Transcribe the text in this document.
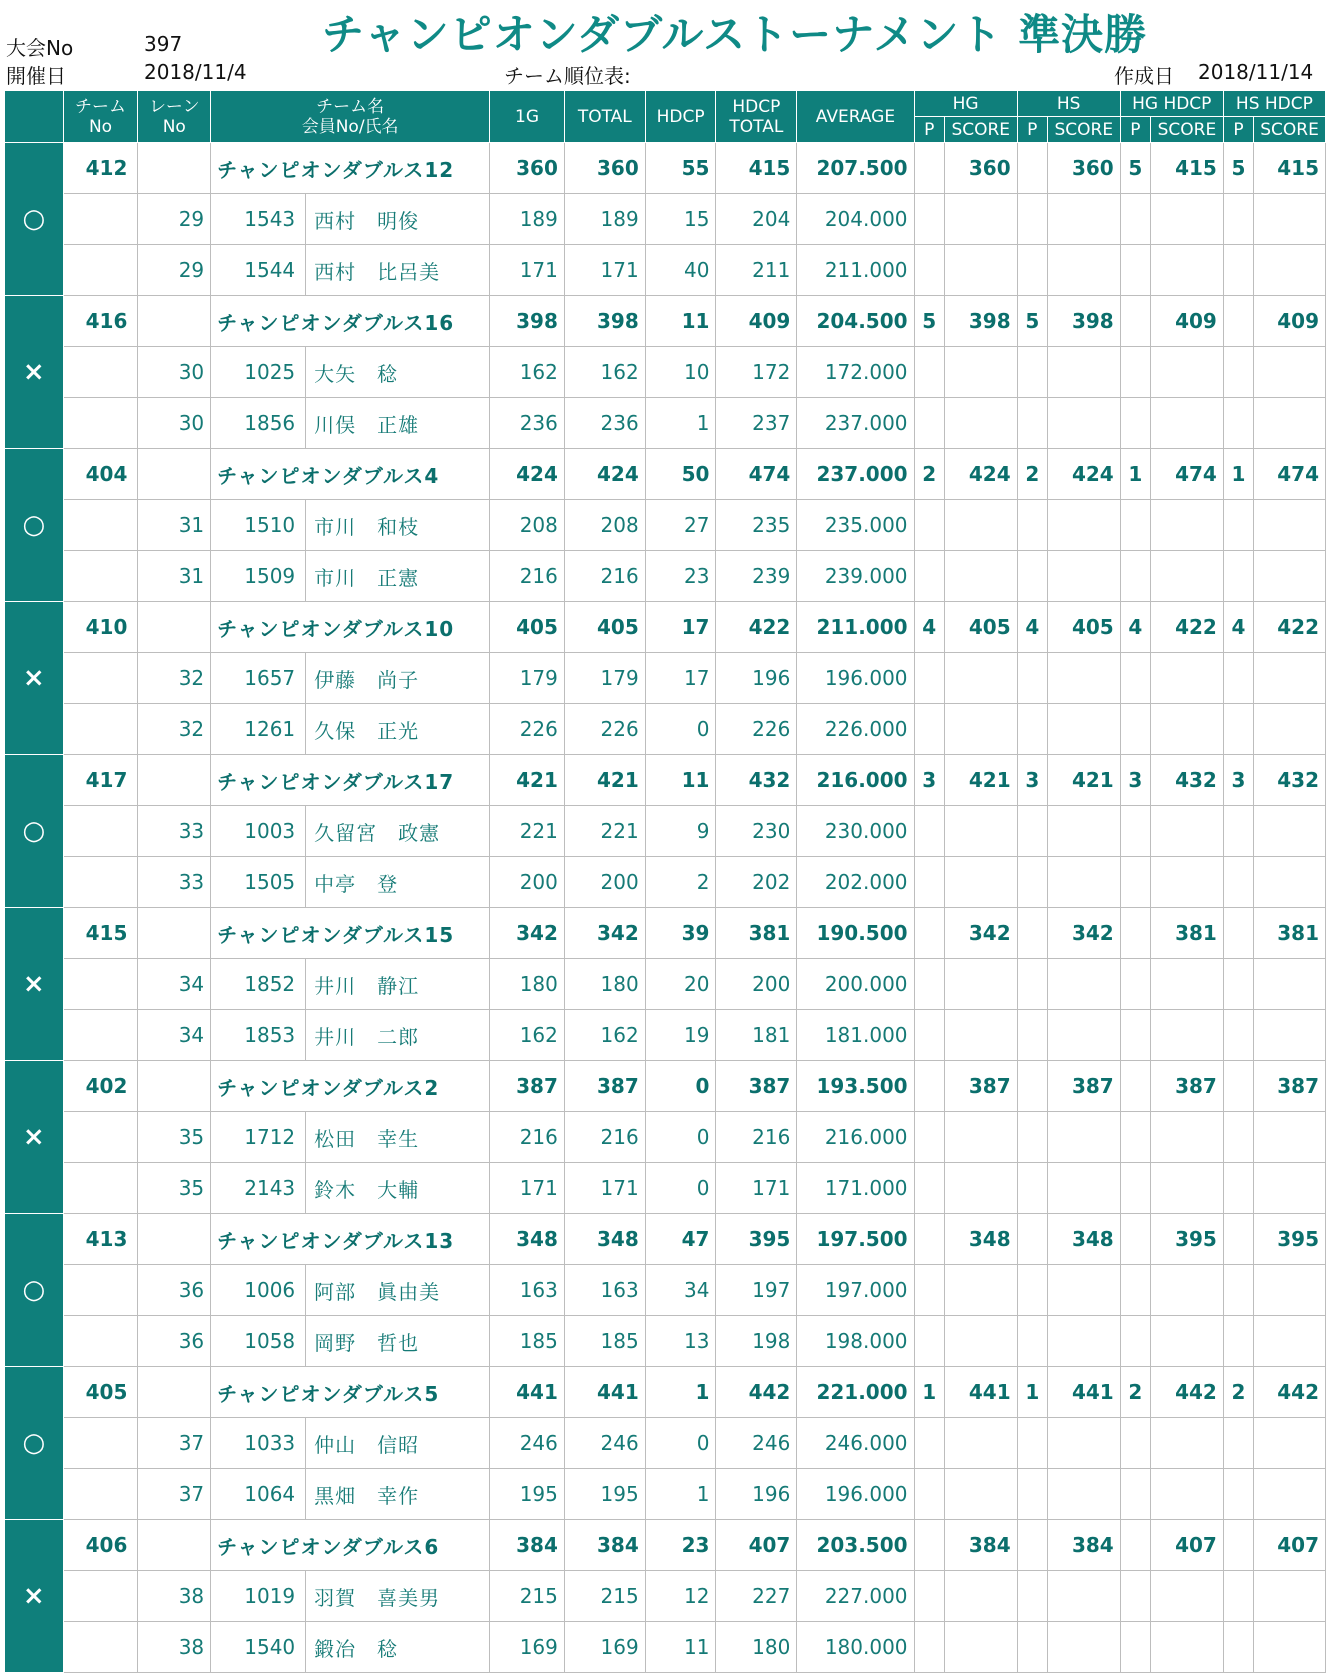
大会No	397
開催日	2018/11/4
チャンピオンダブルストーナメント 準決勝
チーム順位表:	作成日 2018/11/14
	チーム
No	レーン
No	チーム名
会員No/氏名		1G	TOTAL	HDCP	HDCP
TOTAL	AVERAGE	HG		HS		HG HDCP		HS HDCP	
										P	SCORE	P	SCORE	P	SCORE	P	SCORE
○	412		チャンピオンダブルス12		360	360	55	415	207.500		360		360	5	415	5	415
		29	1543	西村　明俊	189	189	15	204	204.000								
		29	1544	西村　比呂美	171	171	40	211	211.000								
×	416		チャンピオンダブルス16		398	398	11	409	204.500	5	398	5	398		409		409
		30	1025	大矢　稔	162	162	10	172	172.000								
		30	1856	川俣　正雄	236	236	1	237	237.000								
○	404		チャンピオンダブルス4		424	424	50	474	237.000	2	424	2	424	1	474	1	474
		31	1510	市川　和枝	208	208	27	235	235.000								
		31	1509	市川　正憲	216	216	23	239	239.000								
×	410		チャンピオンダブルス10		405	405	17	422	211.000	4	405	4	405	4	422	4	422
		32	1657	伊藤　尚子	179	179	17	196	196.000								
		32	1261	久保　正光	226	226	0	226	226.000								
○	417		チャンピオンダブルス17		421	421	11	432	216.000	3	421	3	421	3	432	3	432
		33	1003	久留宮　政憲	221	221	9	230	230.000								
		33	1505	中亭　登	200	200	2	202	202.000								
×	415		チャンピオンダブルス15		342	342	39	381	190.500		342		342		381		381
		34	1852	井川　静江	180	180	20	200	200.000								
		34	1853	井川　二郎	162	162	19	181	181.000								
×	402		チャンピオンダブルス2		387	387	0	387	193.500		387		387		387		387
		35	1712	松田　幸生	216	216	0	216	216.000								
		35	2143	鈴木　大輔	171	171	0	171	171.000								
○	413		チャンピオンダブルス13		348	348	47	395	197.500		348		348		395		395
		36	1006	阿部　眞由美	163	163	34	197	197.000								
		36	1058	岡野　哲也	185	185	13	198	198.000								
○	405		チャンピオンダブルス5		441	441	1	442	221.000	1	441	1	441	2	442	2	442
		37	1033	仲山　信昭	246	246	0	246	246.000								
		37	1064	黒畑　幸作	195	195	1	196	196.000								
×	406		チャンピオンダブルス6		384	384	23	407	203.500		384		384		407		407
		38	1019	羽賀　喜美男	215	215	12	227	227.000								
		38	1540	鍛冶　稔	169	169	11	180	180.000								
